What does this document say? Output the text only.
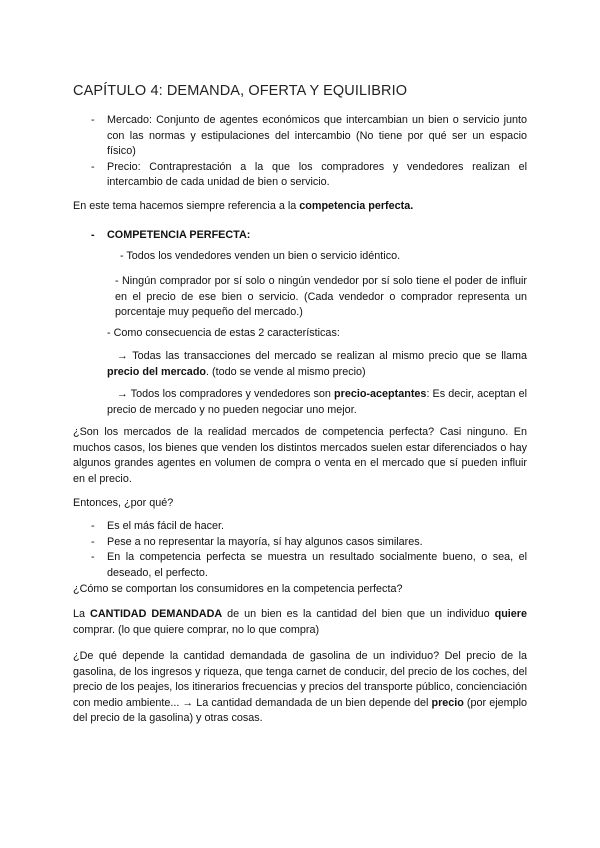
CAPÍTULO 4: DEMANDA, OFERTA Y EQUILIBRIO
- Mercado: Conjunto de agentes económicos que intercambian un bien o servicio junto con las normas y estipulaciones del intercambio (No tiene por qué ser un espacio físico)
- Precio: Contraprestación a la que los compradores y vendedores realizan el intercambio de cada unidad de bien o servicio.
En este tema hacemos siempre referencia a la competencia perfecta.
- COMPETENCIA PERFECTA:
- Todos los vendedores venden un bien o servicio idéntico.
- Ningún comprador por sí solo o ningún vendedor por sí solo tiene el poder de influir en el precio de ese bien o servicio. (Cada vendedor o comprador representa un porcentaje muy pequeño del mercado.)
- Como consecuencia de estas 2 características:
→ Todas las transacciones del mercado se realizan al mismo precio que se llama precio del mercado. (todo se vende al mismo precio)
→ Todos los compradores y vendedores son precio-aceptantes: Es decir, aceptan el precio de mercado y no pueden negociar uno mejor.
¿Son los mercados de la realidad mercados de competencia perfecta? Casi ninguno. En muchos casos, los bienes que venden los distintos mercados suelen estar diferenciados o hay algunos grandes agentes en volumen de compra o venta en el mercado que sí pueden influir en el precio.
Entonces, ¿por qué?
- Es el más fácil de hacer.
- Pese a no representar la mayoría, sí hay algunos casos similares.
- En la competencia perfecta se muestra un resultado socialmente bueno, o sea, el deseado, el perfecto.
¿Cómo se comportan los consumidores en la competencia perfecta?
La CANTIDAD DEMANDADA de un bien es la cantidad del bien que un individuo quiere comprar. (lo que quiere comprar, no lo que compra)
¿De qué depende la cantidad demandada de gasolina de un individuo? Del precio de la gasolina, de los ingresos y riqueza, que tenga carnet de conducir, del precio de los coches, del precio de los peajes, los itinerarios frecuencias y precios del transporte público, concienciación con medio ambiente... → La cantidad demandada de un bien depende del precio (por ejemplo del precio de la gasolina) y otras cosas.
